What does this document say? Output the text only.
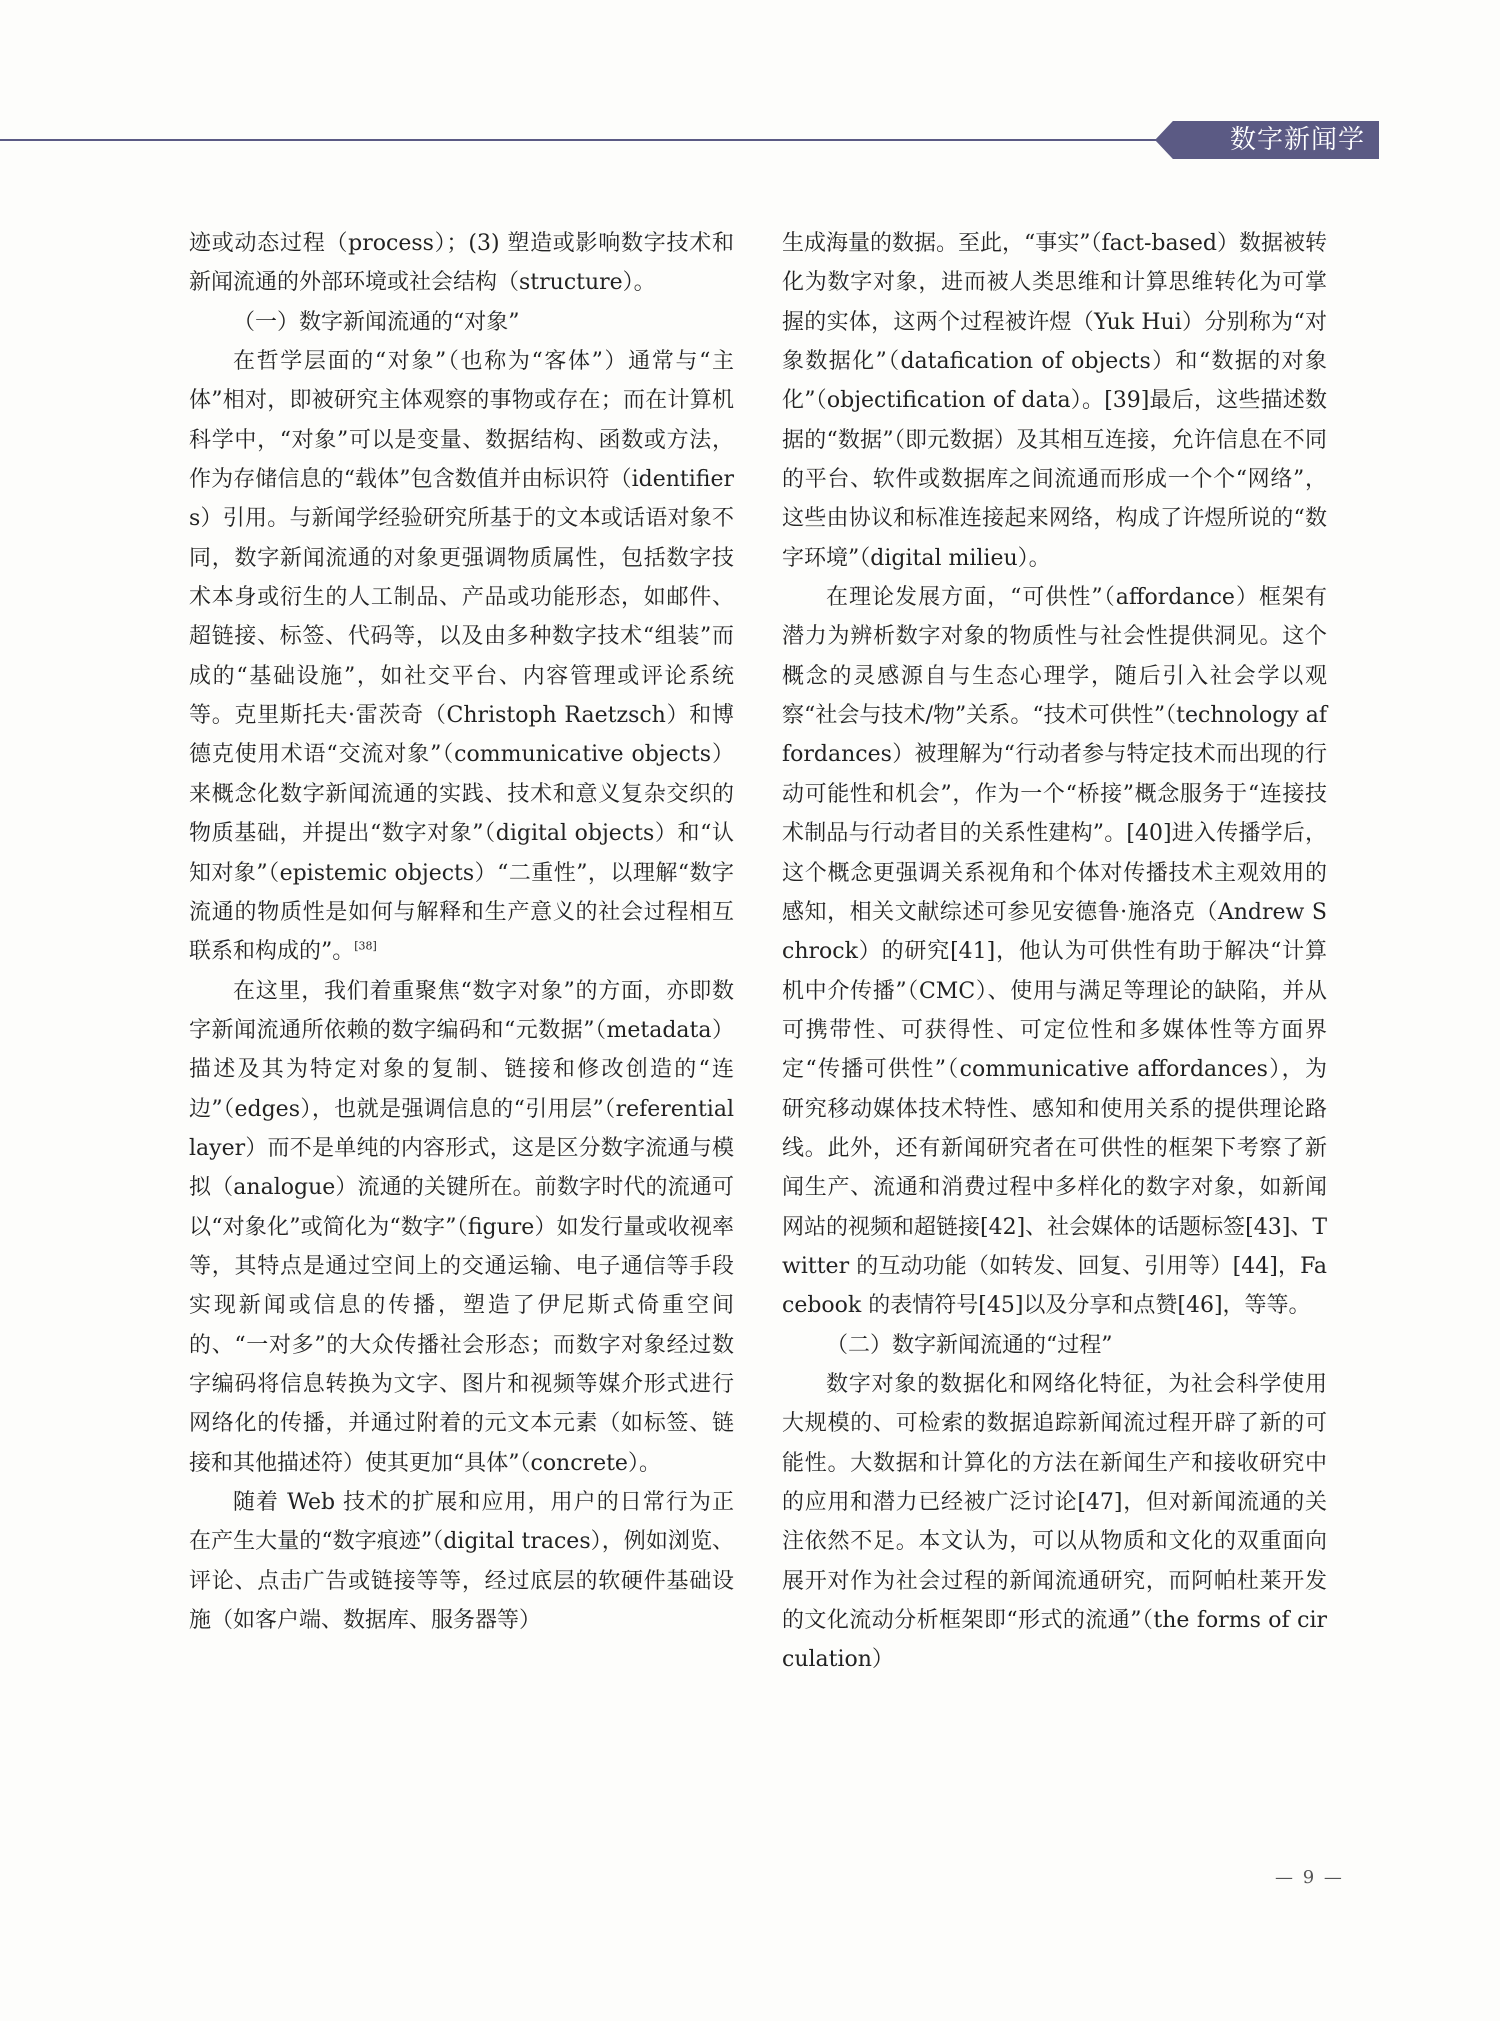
数字新闻学

迹或动态过程（process）；(3) 塑造或影响数字技术和新闻流通的外部环境或社会结构（structure）。

（一）数字新闻流通的“对象”

在哲学层面的“对象”（也称为“客体”）通常与“主体”相对，即被研究主体观察的事物或存在；而在计算机科学中，“对象”可以是变量、数据结构、函数或方法，作为存储信息的“载体”包含数值并由标识符（identifiers）引用。与新闻学经验研究所基于的文本或话语对象不同，数字新闻流通的对象更强调物质属性，包括数字技术本身或衍生的人工制品、产品或功能形态，如邮件、超链接、标签、代码等，以及由多种数字技术“组装”而成的“基础设施”，如社交平台、内容管理或评论系统等。克里斯托夫·雷茨奇（Christoph Raetzsch）和博德克使用术语“交流对象”（communicative objects）来概念化数字新闻流通的实践、技术和意义复杂交织的物质基础，并提出“数字对象”（digital objects）和“认知对象”（epistemic objects）“二重性”，以理解“数字流通的物质性是如何与解释和生产意义的社会过程相互联系和构成的”。[38]

在这里，我们着重聚焦“数字对象”的方面，亦即数字新闻流通所依赖的数字编码和“元数据”（metadata）描述及其为特定对象的复制、链接和修改创造的“连边”（edges），也就是强调信息的“引用层”（referential layer）而不是单纯的内容形式，这是区分数字流通与模拟（analogue）流通的关键所在。前数字时代的流通可以“对象化”或简化为“数字”（figure）如发行量或收视率等，其特点是通过空间上的交通运输、电子通信等手段实现新闻或信息的传播，塑造了伊尼斯式倚重空间的、“一对多”的大众传播社会形态；而数字对象经过数字编码将信息转换为文字、图片和视频等媒介形式进行网络化的传播，并通过附着的元文本元素（如标签、链接和其他描述符）使其更加“具体”（concrete）。

随着 Web 技术的扩展和应用，用户的日常行为正在产生大量的“数字痕迹”（digital traces），例如浏览、评论、点击广告或链接等等，经过底层的软硬件基础设施（如客户端、数据库、服务器等）

生成海量的数据。至此，“事实”（fact-based）数据被转化为数字对象，进而被人类思维和计算思维转化为可掌握的实体，这两个过程被许煜（Yuk Hui）分别称为“对象数据化”（datafication of objects）和“数据的对象化”（objectification of data）。[39]最后，这些描述数据的“数据”（即元数据）及其相互连接，允许信息在不同的平台、软件或数据库之间流通而形成一个个“网络”，这些由协议和标准连接起来网络，构成了许煜所说的“数字环境”（digital milieu）。

在理论发展方面，“可供性”（affordance）框架有潜力为辨析数字对象的物质性与社会性提供洞见。这个概念的灵感源自与生态心理学，随后引入社会学以观察“社会与技术/物”关系。“技术可供性”（technology affordances）被理解为“行动者参与特定技术而出现的行动可能性和机会”，作为一个“桥接”概念服务于“连接技术制品与行动者目的关系性建构”。[40]进入传播学后，这个概念更强调关系视角和个体对传播技术主观效用的感知，相关文献综述可参见安德鲁·施洛克（Andrew Schrock）的研究[41]，他认为可供性有助于解决“计算机中介传播”（CMC）、使用与满足等理论的缺陷，并从可携带性、可获得性、可定位性和多媒体性等方面界定“传播可供性”（communicative affordances），为研究移动媒体技术特性、感知和使用关系的提供理论路线。此外，还有新闻研究者在可供性的框架下考察了新闻生产、流通和消费过程中多样化的数字对象，如新闻网站的视频和超链接[42]、社会媒体的话题标签[43]、Twitter 的互动功能（如转发、回复、引用等）[44]，Facebook 的表情符号[45]以及分享和点赞[46]，等等。

（二）数字新闻流通的“过程”

数字对象的数据化和网络化特征，为社会科学使用大规模的、可检索的数据追踪新闻流过程开辟了新的可能性。大数据和计算化的方法在新闻生产和接收研究中的应用和潜力已经被广泛讨论[47]，但对新闻流通的关注依然不足。本文认为，可以从物质和文化的双重面向展开对作为社会过程的新闻流通研究，而阿帕杜莱开发的文化流动分析框架即“形式的流通”（the forms of circulation）

— 9 —
